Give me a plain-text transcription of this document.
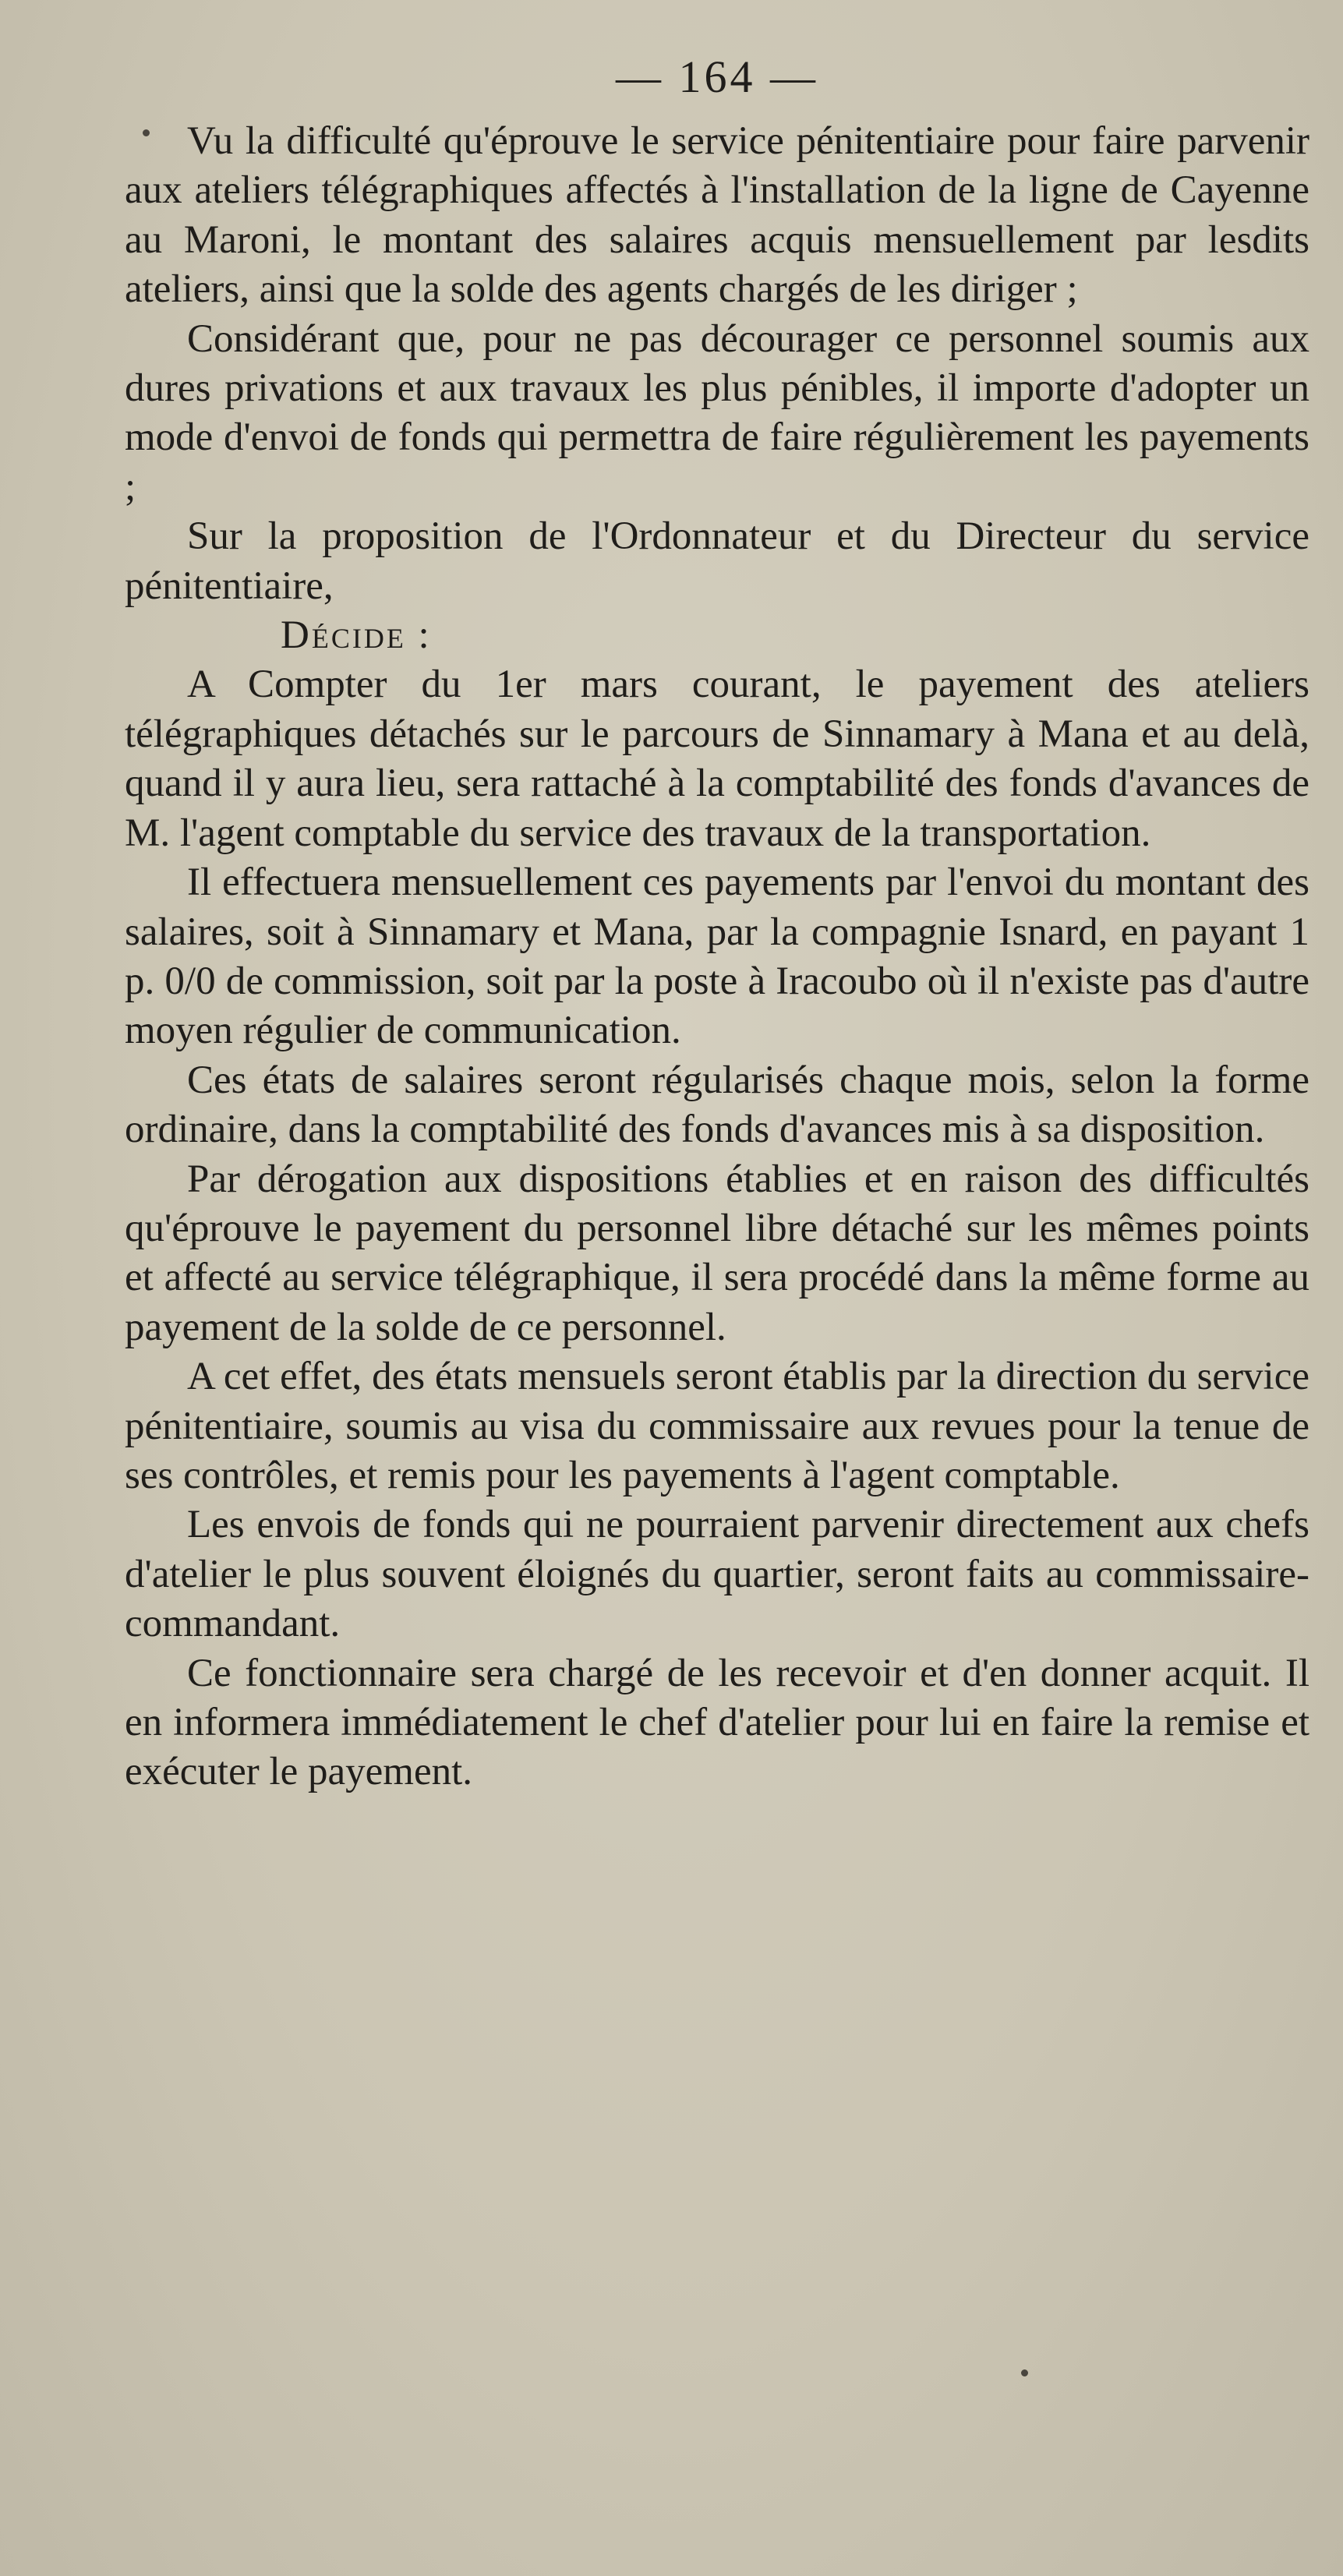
— 164 —

Vu la difficulté qu'éprouve le service pénitentiaire pour faire parvenir aux ateliers télégraphiques affectés à l'installation de la ligne de Cayenne au Maroni, le montant des salaires acquis mensuellement par lesdits ateliers, ainsi que la solde des agents chargés de les diriger ;

Considérant que, pour ne pas décourager ce personnel soumis aux dures privations et aux travaux les plus pénibles, il importe d'adopter un mode d'envoi de fonds qui permettra de faire régulièrement les payements ;

Sur la proposition de l'Ordonnateur et du Directeur du service pénitentiaire,

Décide :

A Compter du 1er mars courant, le payement des ateliers télégraphiques détachés sur le parcours de Sinnamary à Mana et au delà, quand il y aura lieu, sera rattaché à la comptabilité des fonds d'avances de M. l'agent comptable du service des travaux de la transportation.

Il effectuera mensuellement ces payements par l'envoi du montant des salaires, soit à Sinnamary et Mana, par la compagnie Isnard, en payant 1 p. 0/0 de commission, soit par la poste à Iracoubo où il n'existe pas d'autre moyen régulier de communication.

Ces états de salaires seront régularisés chaque mois, selon la forme ordinaire, dans la comptabilité des fonds d'avances mis à sa disposition.

Par dérogation aux dispositions établies et en raison des difficultés qu'éprouve le payement du personnel libre détaché sur les mêmes points et affecté au service télégraphique, il sera procédé dans la même forme au payement de la solde de ce personnel.

A cet effet, des états mensuels seront établis par la direction du service pénitentiaire, soumis au visa du commissaire aux revues pour la tenue de ses contrôles, et remis pour les payements à l'agent comptable.

Les envois de fonds qui ne pourraient parvenir directement aux chefs d'atelier le plus souvent éloignés du quartier, seront faits au commissaire-commandant.

Ce fonctionnaire sera chargé de les recevoir et d'en donner acquit. Il en informera immédiatement le chef d'atelier pour lui en faire la remise et exécuter le payement.
